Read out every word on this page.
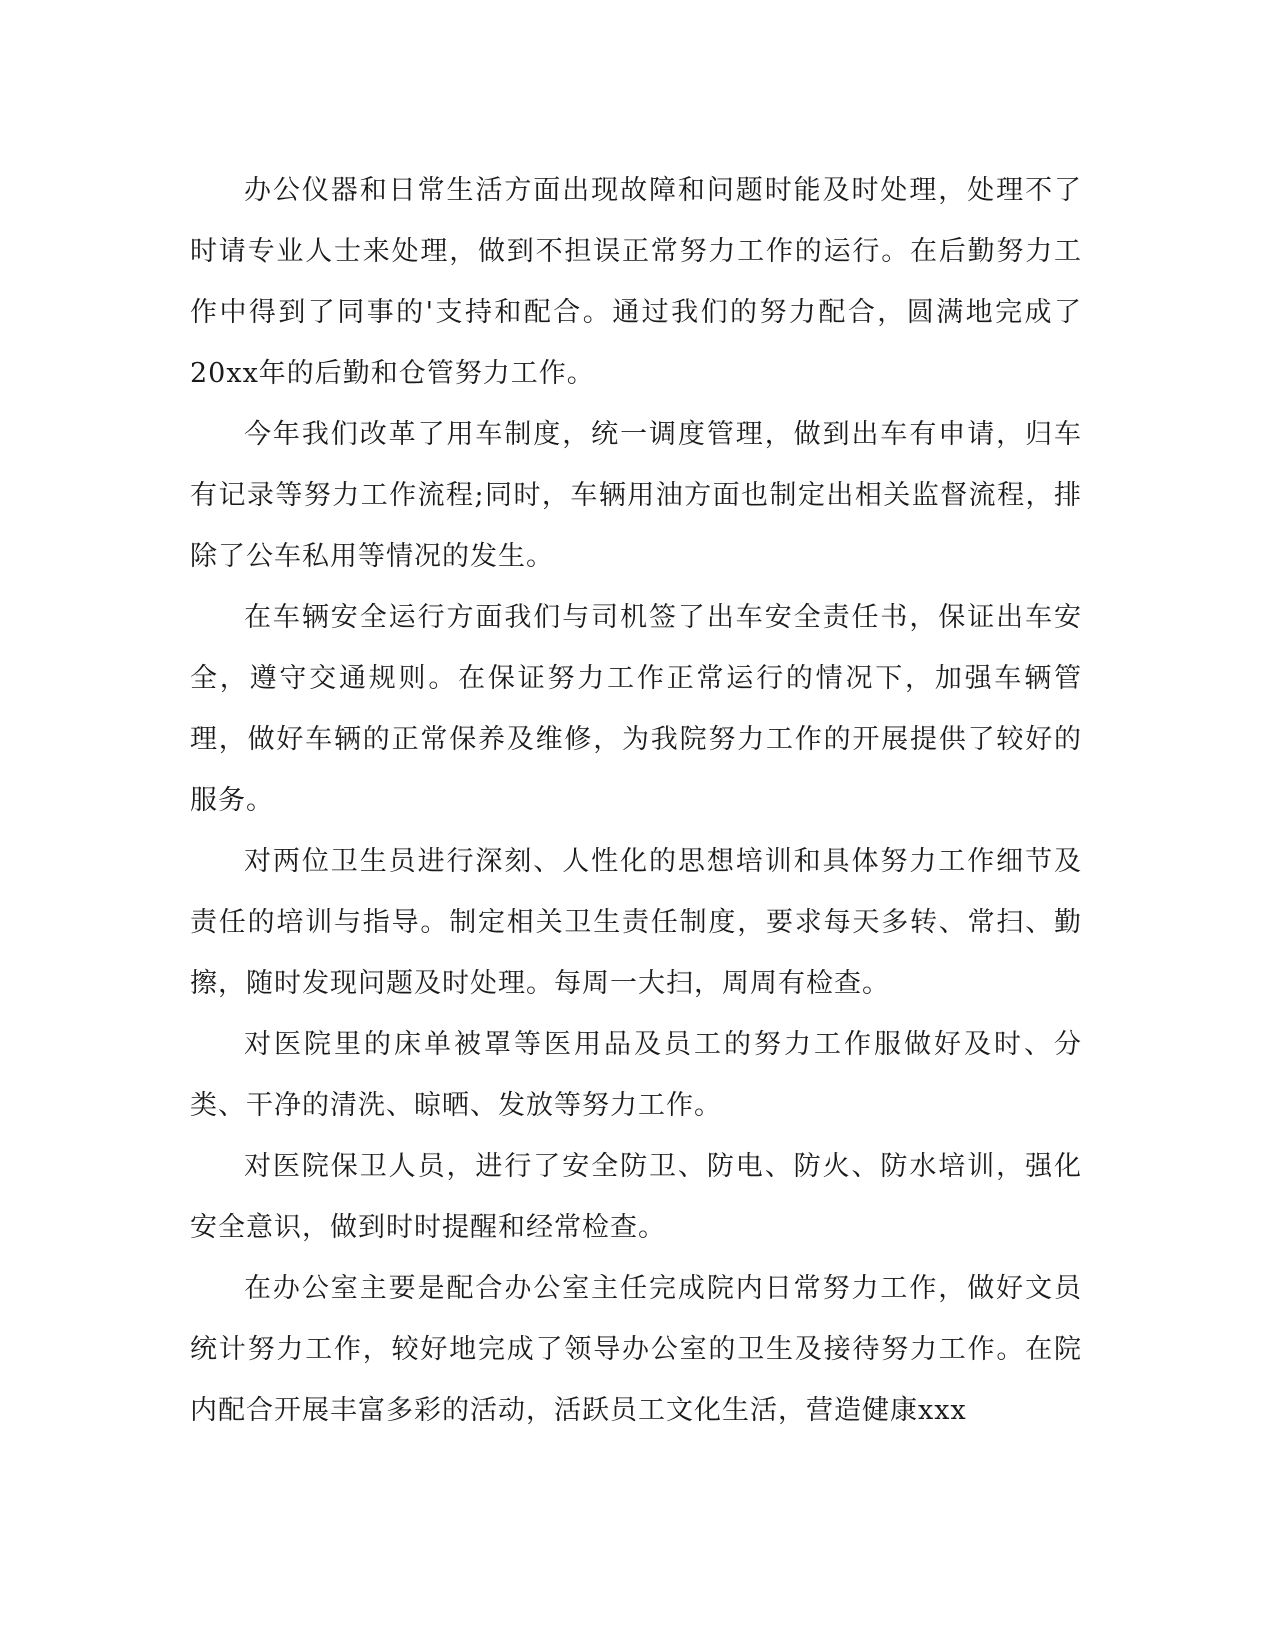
办公仪器和日常生活方面出现故障和问题时能及时处理，处理不了时请专业人士来处理，做到不担误正常努力工作的运行。在后勤努力工作中得到了同事的'支持和配合。通过我们的努力配合，圆满地完成了20xx年的后勤和仓管努力工作。

今年我们改革了用车制度，统一调度管理，做到出车有申请，归车有记录等努力工作流程;同时，车辆用油方面也制定出相关监督流程，排除了公车私用等情况的发生。

在车辆安全运行方面我们与司机签了出车安全责任书，保证出车安全，遵守交通规则。在保证努力工作正常运行的情况下，加强车辆管理，做好车辆的正常保养及维修，为我院努力工作的开展提供了较好的服务。

对两位卫生员进行深刻、人性化的思想培训和具体努力工作细节及责任的培训与指导。制定相关卫生责任制度，要求每天多转、常扫、勤擦，随时发现问题及时处理。每周一大扫，周周有检查。

对医院里的床单被罩等医用品及员工的努力工作服做好及时、分类、干净的清洗、晾晒、发放等努力工作。

对医院保卫人员，进行了安全防卫、防电、防火、防水培训，强化安全意识，做到时时提醒和经常检查。

在办公室主要是配合办公室主任完成院内日常努力工作，做好文员统计努力工作，较好地完成了领导办公室的卫生及接待努力工作。在院内配合开展丰富多彩的活动，活跃员工文化生活，营造健康xxx
